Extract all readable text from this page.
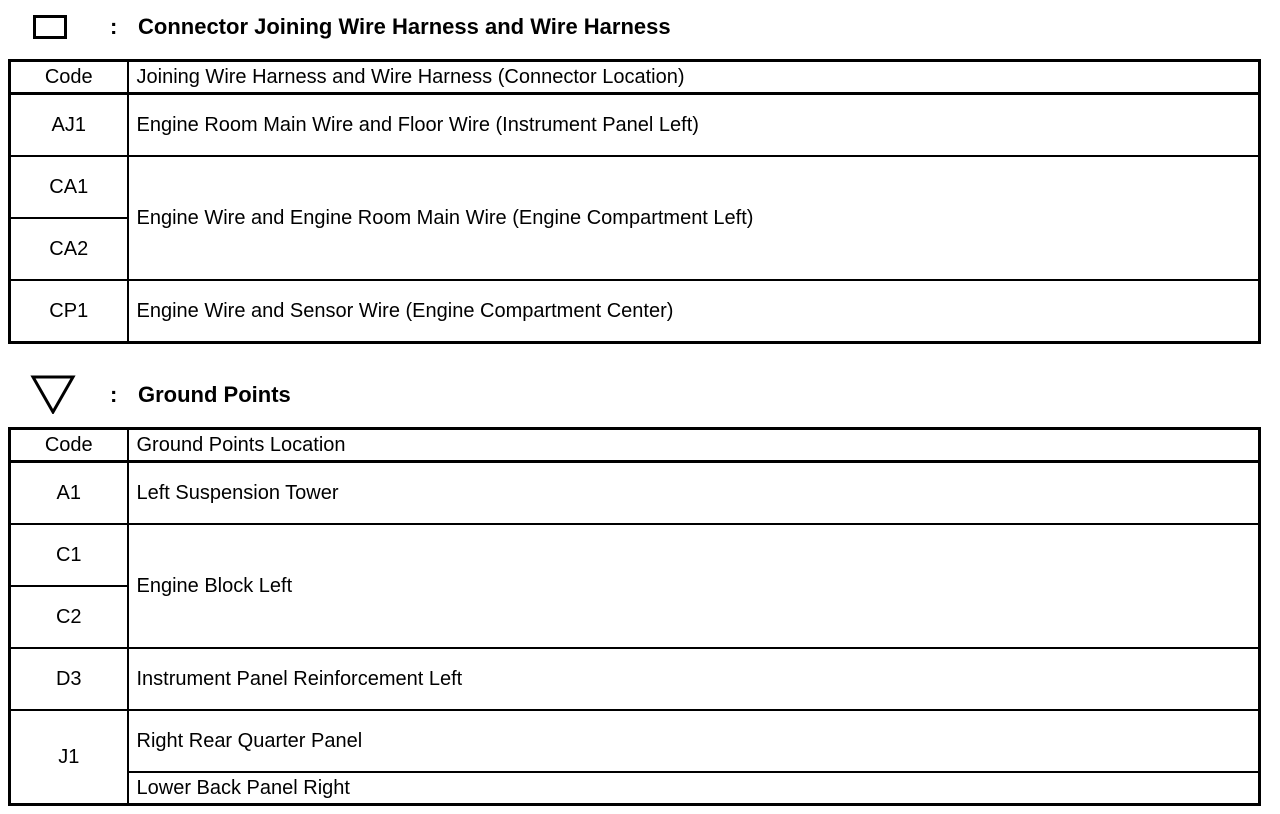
: Connector Joining Wire Harness and Wire Harness
Code	Joining Wire Harness and Wire Harness (Connector Location)
AJ1	Engine Room Main Wire and Floor Wire (Instrument Panel Left)
CA1	Engine Wire and Engine Room Main Wire (Engine Compartment Left)
CA2	
CP1	Engine Wire and Sensor Wire (Engine Compartment Center)
: Ground Points
Code	Ground Points Location
A1	Left Suspension Tower
C1	Engine Block Left
C2	
D3	Instrument Panel Reinforcement Left
J1	Right Rear Quarter Panel
	Lower Back Panel Right
